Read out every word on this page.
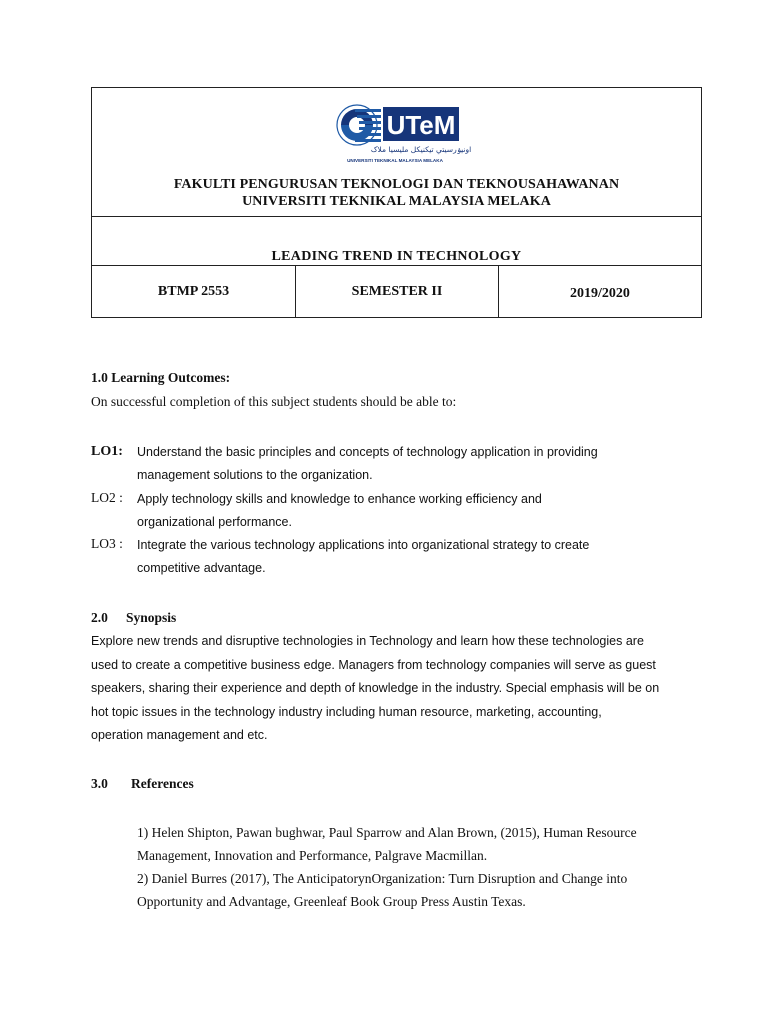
UTeM
اونيۏرسيتي تيکنيکل مليسيا ملاک
UNIVERSITI TEKNIKAL MALAYSIA MELAKA
FAKULTI PENGURUSAN TEKNOLOGI DAN TEKNOUSAHAWANAN
UNIVERSITI TEKNIKAL MALAYSIA MELAKA
LEADING TREND IN TECHNOLOGY
BTMP 2553	SEMESTER II	2019/2020
1.0 Learning Outcomes:
On successful completion of this subject students should be able to:
LO1: Understand the basic principles and concepts of technology application in providing
management solutions to the organization.
LO2 : Apply technology skills and knowledge to enhance working efficiency and
organizational performance.
LO3 : Integrate the various technology applications into organizational strategy to create
competitive advantage.
2.0 Synopsis
Explore new trends and disruptive technologies in Technology and learn how these technologies are
used to create a competitive business edge. Managers from technology companies will serve as guest
speakers, sharing their experience and depth of knowledge in the industry. Special emphasis will be on
hot topic issues in the technology industry including human resource, marketing, accounting,
operation management and etc.
3.0 References
1) Helen Shipton, Pawan bughwar, Paul Sparrow and Alan Brown, (2015), Human Resource
Management, Innovation and Performance, Palgrave Macmillan.
2) Daniel Burres (2017), The AnticipatorynOrganization: Turn Disruption and Change into
Opportunity and Advantage, Greenleaf Book Group Press Austin Texas.
